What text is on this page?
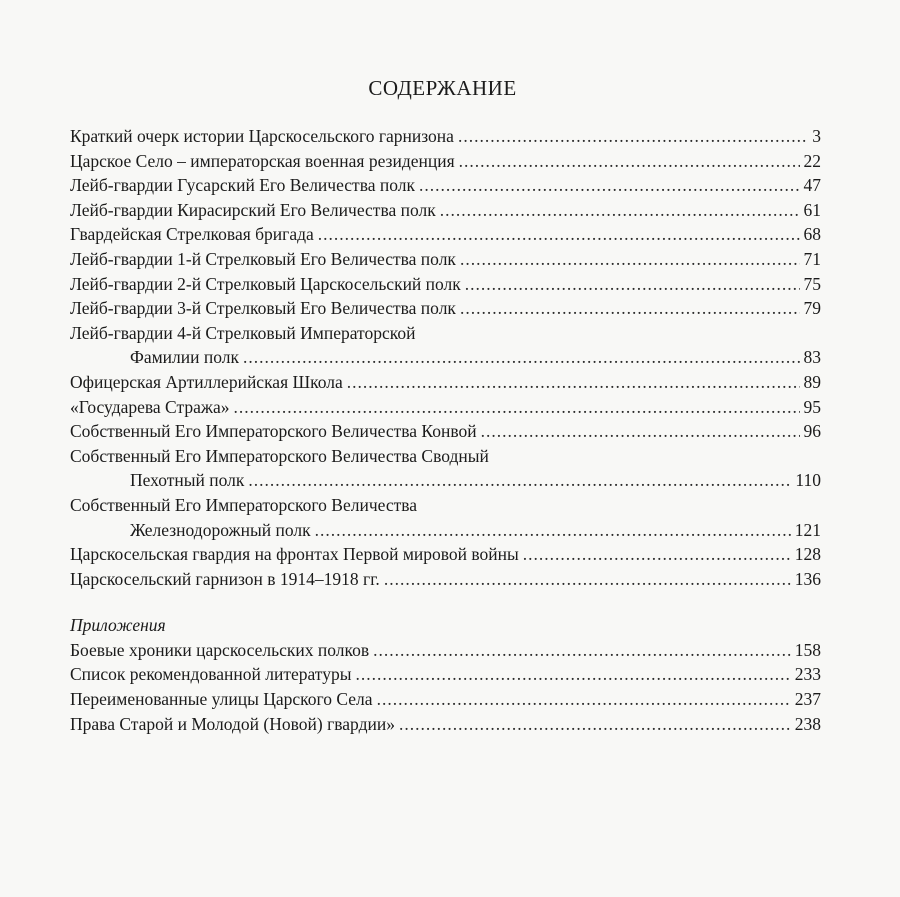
СОДЕРЖАНИЕ
Краткий очерк истории Царскосельского гарнизона .....	3
Царское Село – императорская военная резиденция .....	22
Лейб-гвардии Гусарский Его Величества полк .....	47
Лейб-гвардии Кирасирский Его Величества полк .....	61
Гвардейская Стрелковая бригада .....	68
Лейб-гвардии 1-й Стрелковый Его Величества полк .....	71
Лейб-гвардии 2-й Стрелковый Царскосельский полк .....	75
Лейб-гвардии 3-й Стрелковый Его Величества полк .....	79
Лейб-гвардии 4-й Стрелковый Императорской
Фамилии полк .....	83
Офицерская Артиллерийская Школа .....	89
«Государева Стража» .....	95
Собственный Его Императорского Величества Конвой .....	96
Собственный Его Императорского Величества Сводный
Пехотный полк .....	110
Собственный Его Императорского Величества
Железнодорожный полк .....	121
Царскосельская гвардия на фронтах Первой мировой войны .....	128
Царскосельский гарнизон в 1914–1918 гг. .....	136
Приложения
Боевые хроники царскосельских полков .....	158
Список рекомендованной литературы .....	233
Переименованные улицы Царского Села .....	237
Права Старой и Молодой (Новой) гвардии» .....	238
